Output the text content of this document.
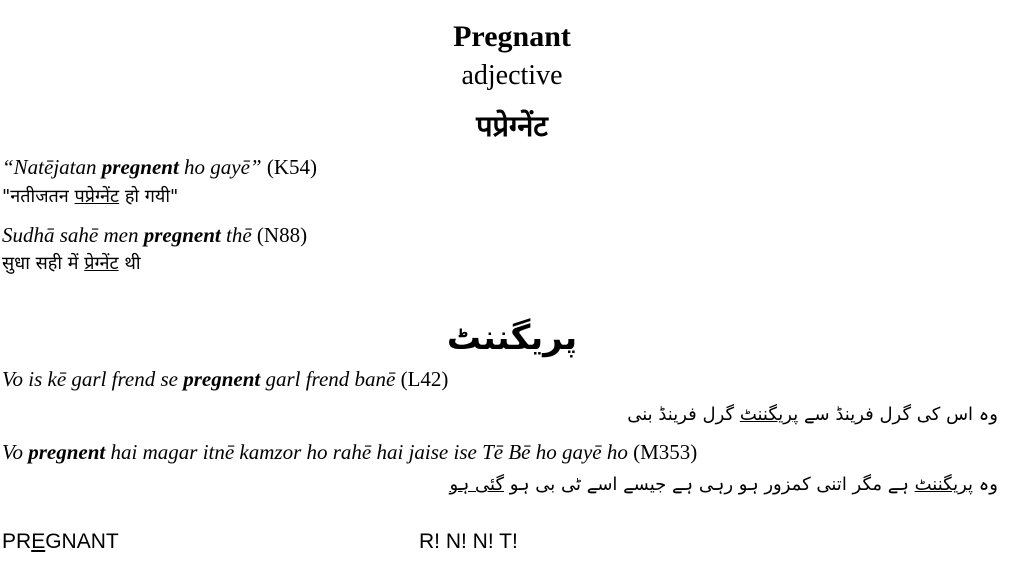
Pregnant
adjective
पप्रेग्नेंट
“Natējatan pregnent ho gayē” (K54)
"नतीजतन पप्रेग्नेंट हो गयी"
Sudhā sahē men pregnent thē (N88)
सुधा सही में प्रेग्नेंट थी
پریگننٹ
Vo is kē garl frend se pregnent garl frend banē (L42)
وہ اس کی گرل فرینڈ سے پریگننٹ گرل فرینڈ بنی
Vo pregnent hai magar itnē kamzor ho rahē hai jaise ise Tē Bē ho gayē ho (M353)
وہ پریگننٹ ہے مگر اتنی کمزور ہو رہی ہے جیسے اسے ٹی بی ہو گئی ہو
PREGNANT	R! N! N! T!
